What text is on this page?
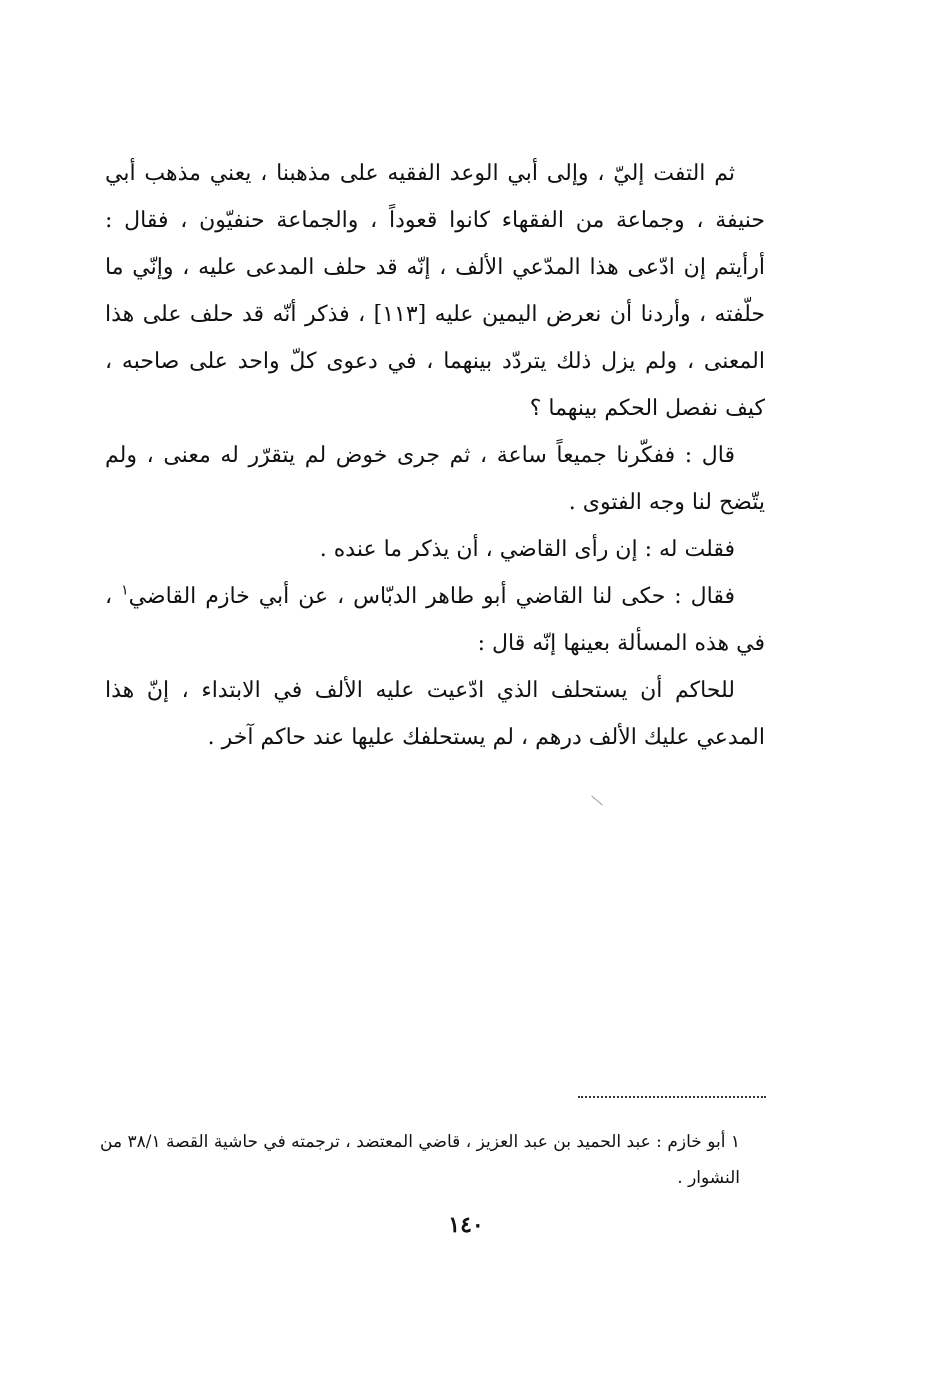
ثم التفت إليّ ، وإلى أبي الوعد الفقيه على مذهبنا ، يعني مذهب أبي حنيفة ، وجماعة من الفقهاء كانوا قعوداً ، والجماعة حنفيّون ، فقال : أرأيتم إن ادّعى هذا المدّعي الألف ، إنّه قد حلف المدعى عليه ، وإنّي ما حلّفته ، وأردنا أن نعرض اليمين عليه [١١٣] ، فذكر أنّه قد حلف على هذا المعنى ، ولم يزل ذلك يتردّد بينهما ، في دعوى كلّ واحد على صاحبه ، كيف نفصل الحكم بينهما ؟

قال : ففكّرنا جميعاً ساعة ، ثم جرى خوض لم يتقرّر له معنى ، ولم يتّضح لنا وجه الفتوى .

فقلت له : إن رأى القاضي ، أن يذكر ما عنده .

فقال : حكى لنا القاضي أبو طاهر الدبّاس ، عن أبي خازم القاضي$^١$ ، في هذه المسألة بعينها إنّه قال :

للحاكم أن يستحلف الذي ادّعيت عليه الألف في الابتداء ، إنّ هذا المدعي عليك الألف درهم ، لم يستحلفك عليها عند حاكم آخر .

١ أبو خازم : عبد الحميد بن عبد العزيز ، قاضي المعتضد ، ترجمته في حاشية القصة ٣٨/١ من النشوار .
١٤٠
